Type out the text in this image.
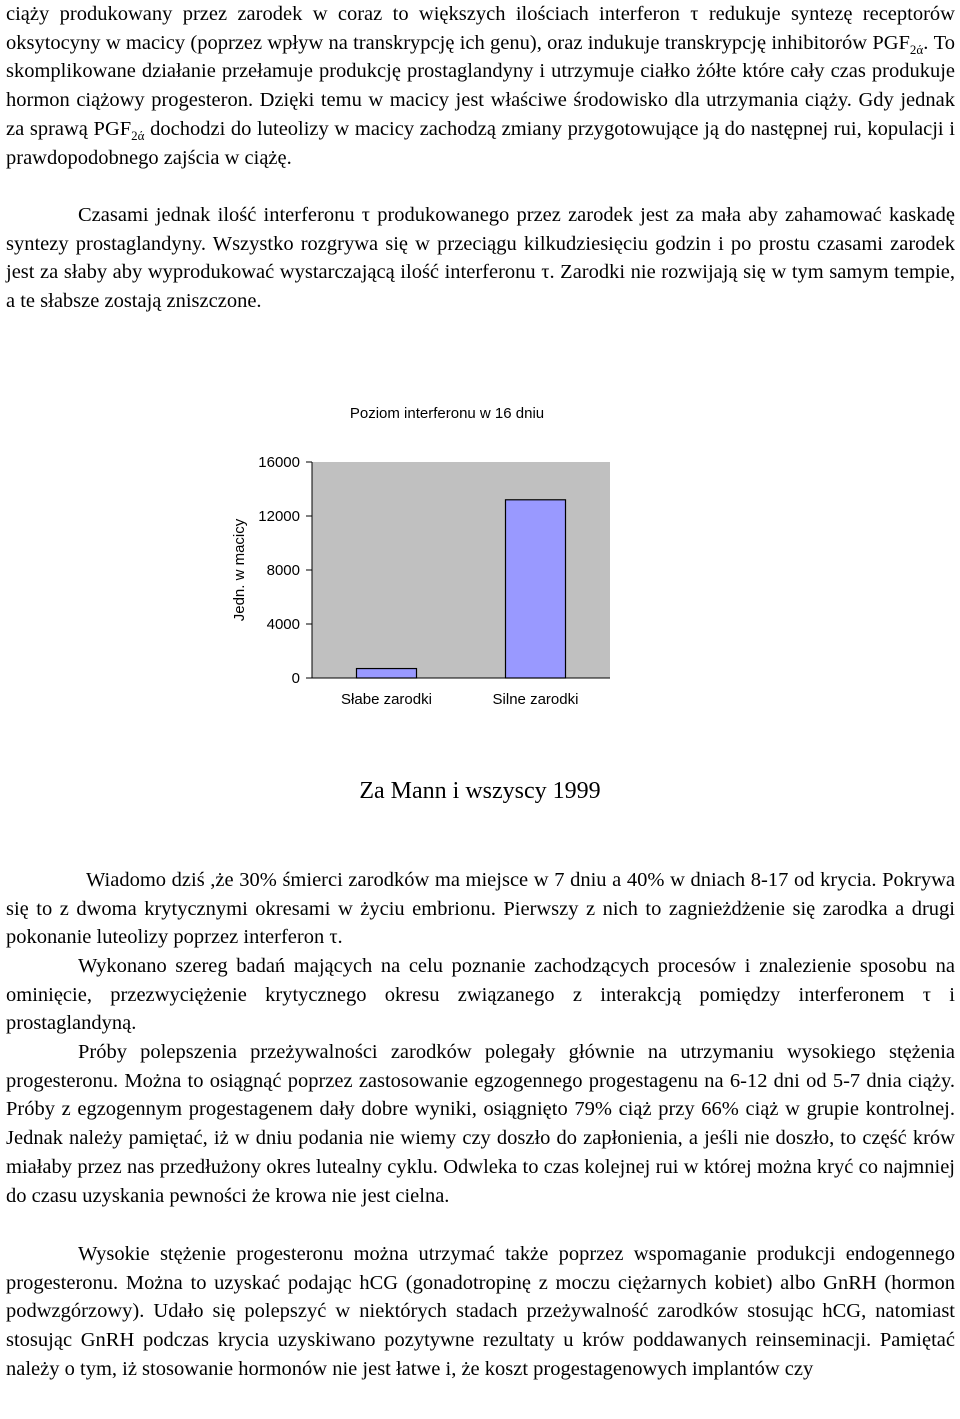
ciąży produkowany przez zarodek w coraz to większych ilościach interferon τ redukuje syntezę receptorów oksytocyny w macicy (poprzez wpływ na transkrypcję ich genu), oraz indukuje transkrypcję inhibitorów $PGF_{2ά}$. To skomplikowane działanie przełamuje produkcję prostaglandyny i utrzymuje ciałko żółte które cały czas produkuje hormon ciążowy progesteron. Dzięki temu w macicy jest właściwe środowisko dla utrzymania ciąży. Gdy jednak za sprawą $PGF_{2ά}$ dochodzi do luteolizy w macicy zachodzą zmiany przygotowujące ją do następnej rui, kopulacji i prawdopodobnego zajścia w ciążę.

Czasami jednak ilość interferonu τ produkowanego przez zarodek jest za mała aby zahamować kaskadę syntezy prostaglandyny. Wszystko rozgrywa się w przeciągu kilkudziesięciu godzin i po prostu czasami zarodek jest za słaby aby wyprodukować wystarczającą ilość interferonu τ. Zarodki nie rozwijają się w tym samym tempie, a te słabsze zostają zniszczone.

Poziom interferonu w 16 dniu
0
4000
8000
12000
16000
Słabe zarodki	Silne zarodki
Jedn. w macicy
Za Mann i wszyscy 1999

Wiadomo dziś ,że 30% śmierci zarodków ma miejsce w 7 dniu a 40% w dniach 8-17 od krycia. Pokrywa się to z dwoma krytycznymi okresami w życiu embrionu. Pierwszy z nich to zagnieżdżenie się zarodka a drugi pokonanie luteolizy poprzez interferon τ.

Wykonano szereg badań mających na celu poznanie zachodzących procesów i znalezienie sposobu na ominięcie, przezwyciężenie krytycznego okresu związanego z interakcją pomiędzy interferonem τ i prostaglandyną.

Próby polepszenia przeżywalności zarodków polegały głównie na utrzymaniu wysokiego stężenia progesteronu. Można to osiągnąć poprzez zastosowanie egzogennego progestagenu na 6-12 dni od 5-7 dnia ciąży. Próby z egzogennym progestagenem dały dobre wyniki, osiągnięto 79% ciąż przy 66% ciąż w grupie kontrolnej. Jednak należy pamiętać, iż w dniu podania nie wiemy czy doszło do zapłonienia, a jeśli nie doszło, to część krów miałaby przez nas przedłużony okres lutealny cyklu. Odwleka to czas kolejnej rui w której można kryć co najmniej do czasu uzyskania pewności że krowa nie jest cielna.

Wysokie stężenie progesteronu można utrzymać także poprzez wspomaganie produkcji endogennego progesteronu. Można to uzyskać podając hCG (gonadotropinę z moczu ciężarnych kobiet) albo GnRH (hormon podwzgórzowy). Udało się polepszyć w niektórych stadach przeżywalność zarodków stosując hCG, natomiast stosując GnRH podczas krycia uzyskiwano pozytywne rezultaty u krów poddawanych reinseminacji. Pamiętać należy o tym, iż stosowanie hormonów nie jest łatwe i, że koszt progestagenowych implantów czy
